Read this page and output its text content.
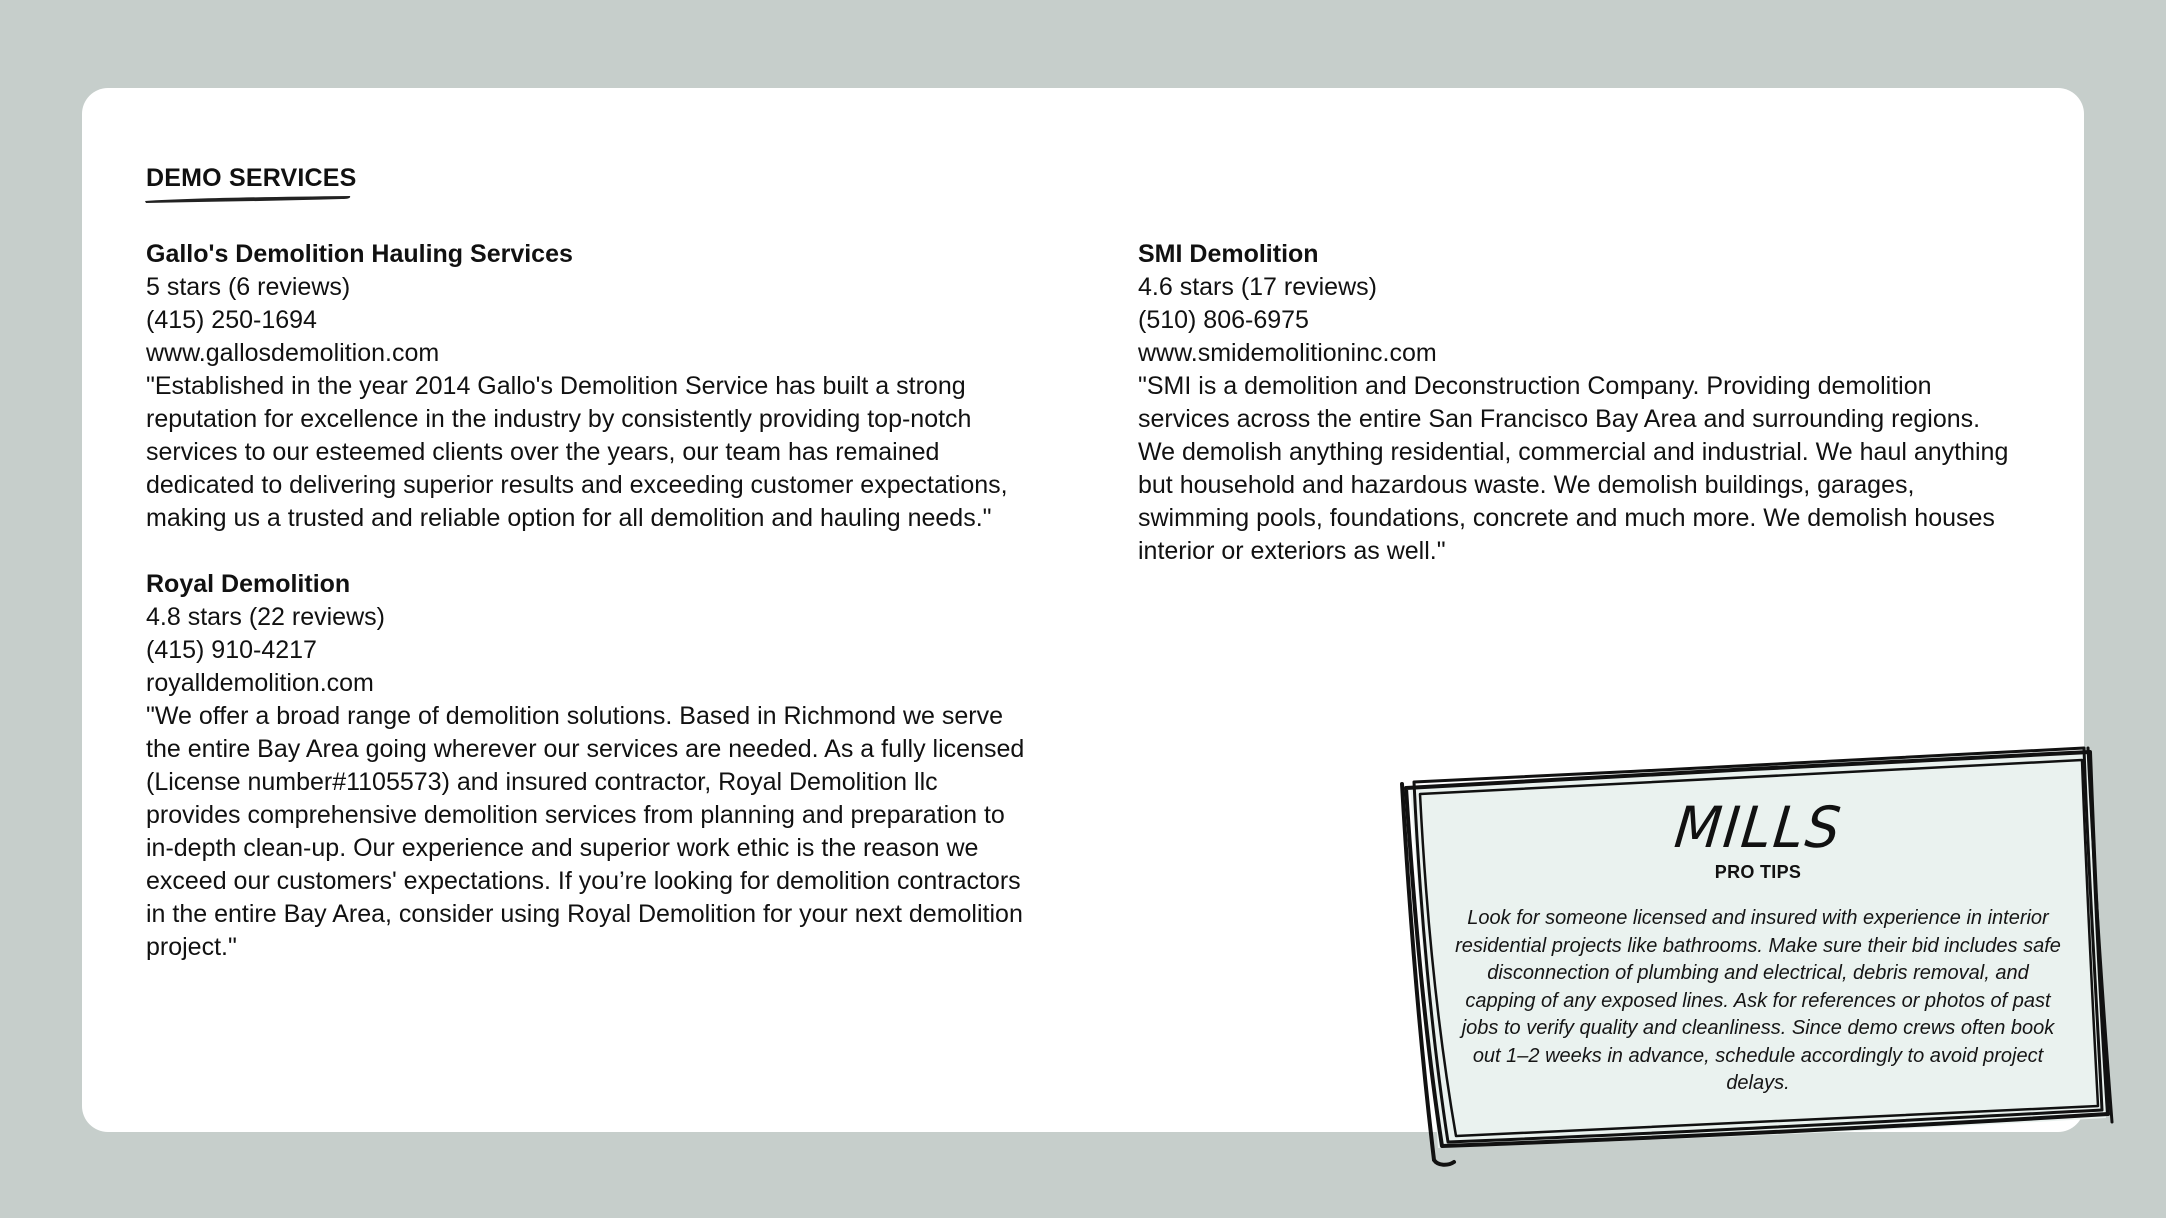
DEMO SERVICES
Gallo's Demolition Hauling Services
5 stars (6 reviews)
(415) 250-1694
www.gallosdemolition.com
"Established in the year 2014 Gallo's Demolition Service has built a strong reputation for excellence in the industry by consistently providing top-notch services to our esteemed clients over the years, our team has remained dedicated to delivering superior results and exceeding customer expectations, making us a trusted and reliable option for all demolition and hauling needs."
Royal Demolition
4.8 stars (22 reviews)
(415) 910-4217
royalldemolition.com
"We offer a broad range of demolition solutions. Based in Richmond we serve the entire Bay Area going wherever our services are needed. As a fully licensed (License number#1105573) and insured contractor, Royal Demolition llc provides comprehensive demolition services from planning and preparation to in-depth clean-up. Our experience and superior work ethic is the reason we exceed our customers' expectations. If you’re looking for demolition contractors in the entire Bay Area, consider using Royal Demolition for your next demolition project."
SMI Demolition
4.6 stars (17 reviews)
(510) 806-6975
www.smidemolitioninc.com
"SMI is a demolition and Deconstruction Company. Providing demolition services across the entire San Francisco Bay Area and surrounding regions. We demolish anything residential, commercial and industrial. We haul anything but household and hazardous waste. We demolish buildings, garages, swimming pools, foundations, concrete and much more. We demolish houses interior or exteriors as well."
MILLS
PRO TIPS
Look for someone licensed and insured with experience in interior residential projects like bathrooms. Make sure their bid includes safe disconnection of plumbing and electrical, debris removal, and capping of any exposed lines. Ask for references or photos of past jobs to verify quality and cleanliness. Since demo crews often book out 1–2 weeks in advance, schedule accordingly to avoid project delays.
